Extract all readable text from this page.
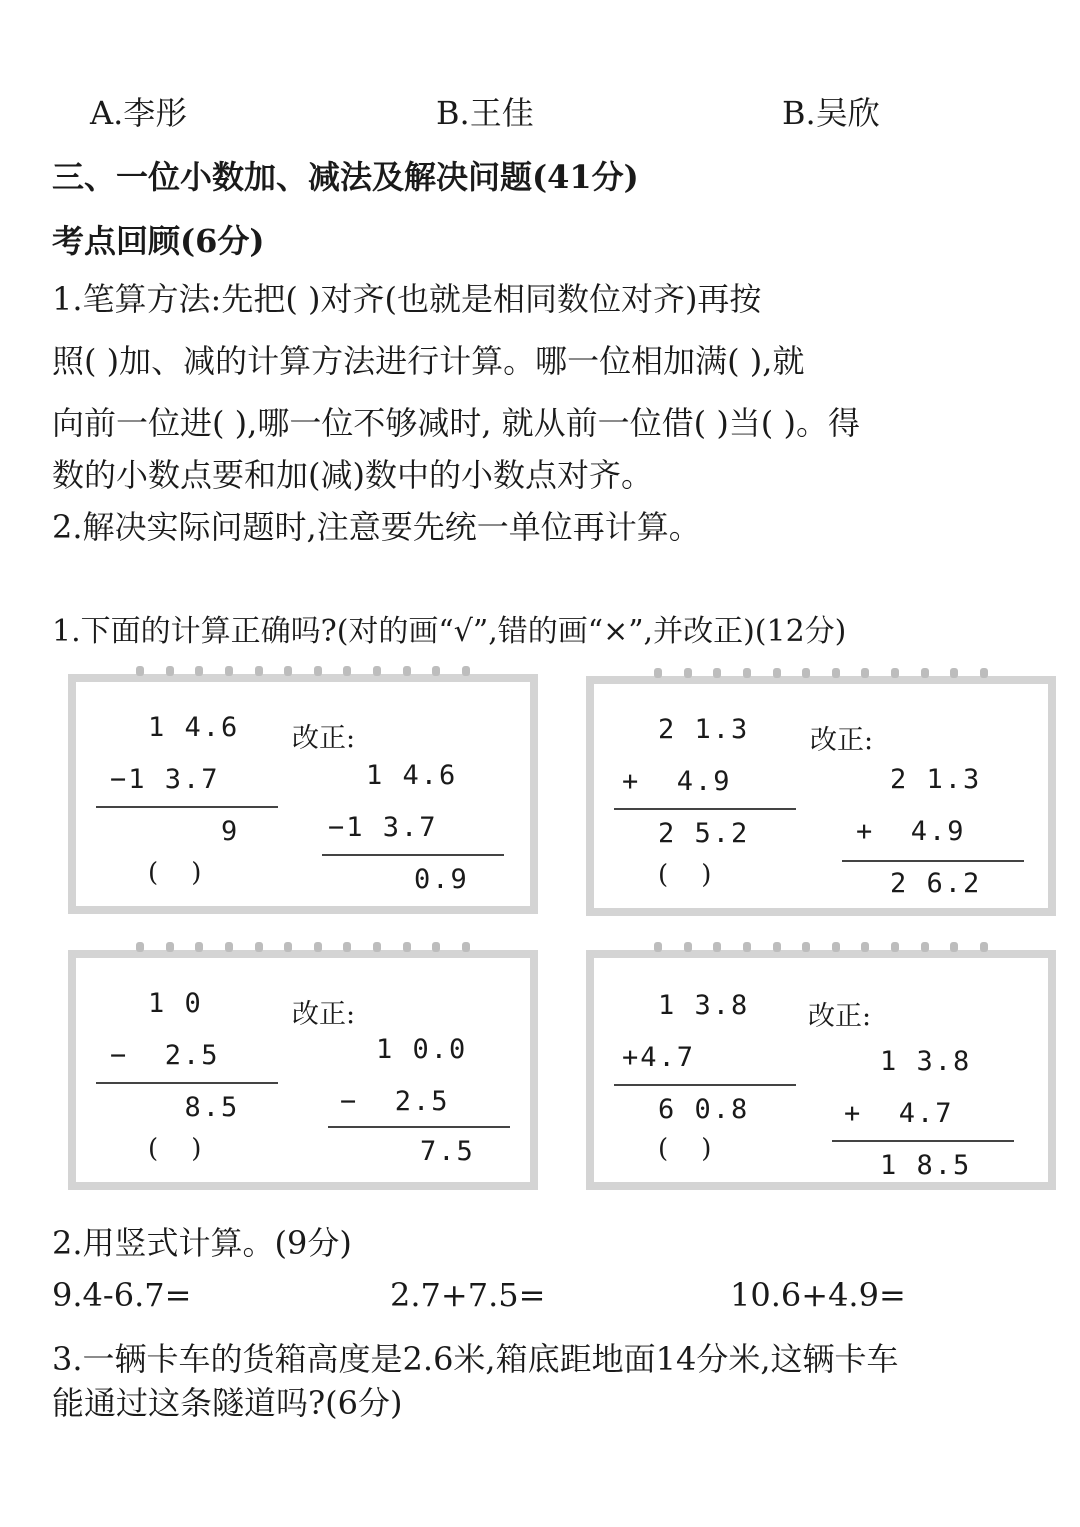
A.李彤	B.王佳	B.吴欣
三、一位小数加、减法及解决问题(41分)
考点回顾(6分)
1.笔算方法:先把( )对齐(也就是相同数位对齐)再按
照( )加、减的计算方法进行计算。哪一位相加满( ),就
向前一位进( ),哪一位不够减时, 就从前一位借( )当( )。得
数的小数点要和加(减)数中的小数点对齐。
2.解决实际问题时,注意要先统一单位再计算。
1.下面的计算正确吗?(对的画“√”,错的画“×”,并改正)(12分)
1 4.6
−1 3.7
9
(    )
改正:
1 4.6
−1 3.7
0.9
2 1.3
+  4.9
2 5.2
(    )
改正:
2 1.3
+  4.9
2 6.2
1 0
−  2.5
8.5
(    )
改正:
1 0.0
−  2.5
7.5
1 3.8
+4.7
6 0.8
(    )
改正:
1 3.8
+  4.7
1 8.5
2.用竖式计算。(9分)
9.4-6.7=	2.7+7.5=	10.6+4.9=
3.一辆卡车的货箱高度是2.6米,箱底距地面14分米,这辆卡车
能通过这条隧道吗?(6分)
